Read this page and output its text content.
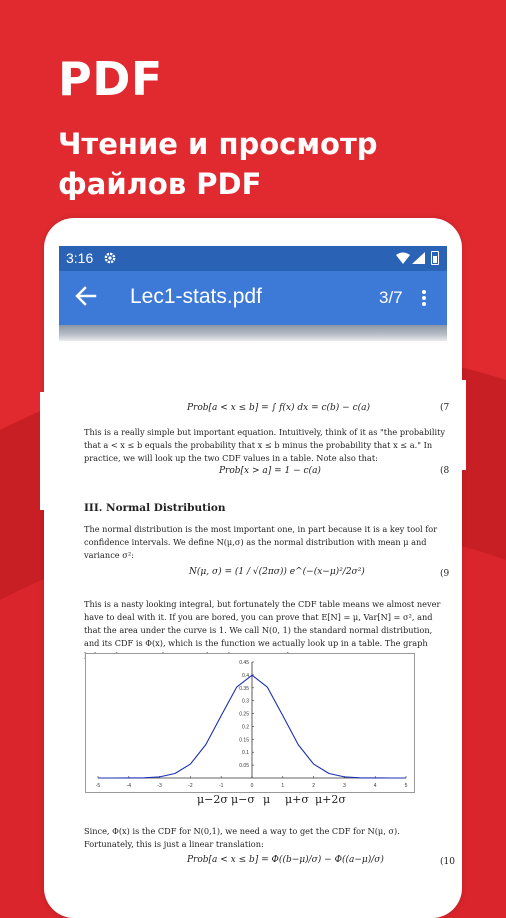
PDF
Чтение и просмотр файлов PDF
3:16
Lec1-stats.pdf	3/7
Prob[a < x ≤ b] = ∫ f(x) dx = c(b) − c(a)	(7
This is a really simple but important equation. Intuitively, think of it as "the probability that a < x ≤ b equals the probability that x ≤ b minus the probability that x ≤ a." In practice, we will look up the two CDF values in a table. Note also that:
Prob[x > a] = 1 − c(a)	(8
III. Normal Distribution
The normal distribution is the most important one, in part because it is a key tool for confidence intervals. We define N(μ,σ) as the normal distribution with mean μ and variance σ²:
N(μ, σ) = (1 / √(2πσ)) e^(−(x−μ)²/2σ²)	(9
This is a nasty looking integral, but fortunately the CDF table means we almost never have to deal with it. If you are bored, you can prove that E[N] = μ, Var[N] = σ², and that the area under the curve is 1. We call N(0, 1) the standard normal distribution, and its CDF is Φ(x), which is the function we actually look up in a table. The graph
-5	-4	-3	-2	-1	0	1	2	3	4	5
0.05
0.1
0.15
0.2
0.25
0.3
0.35
0.4
0.45
μ−2σ μ−σ μ μ+σ μ+2σ
Since, Φ(x) is the CDF for N(0,1), we need a way to get the CDF for N(μ, σ). Fortunately, this is just a linear translation:
Prob[a < x ≤ b] = Φ((b−μ)/σ) − Φ((a−μ)/σ)	(10
